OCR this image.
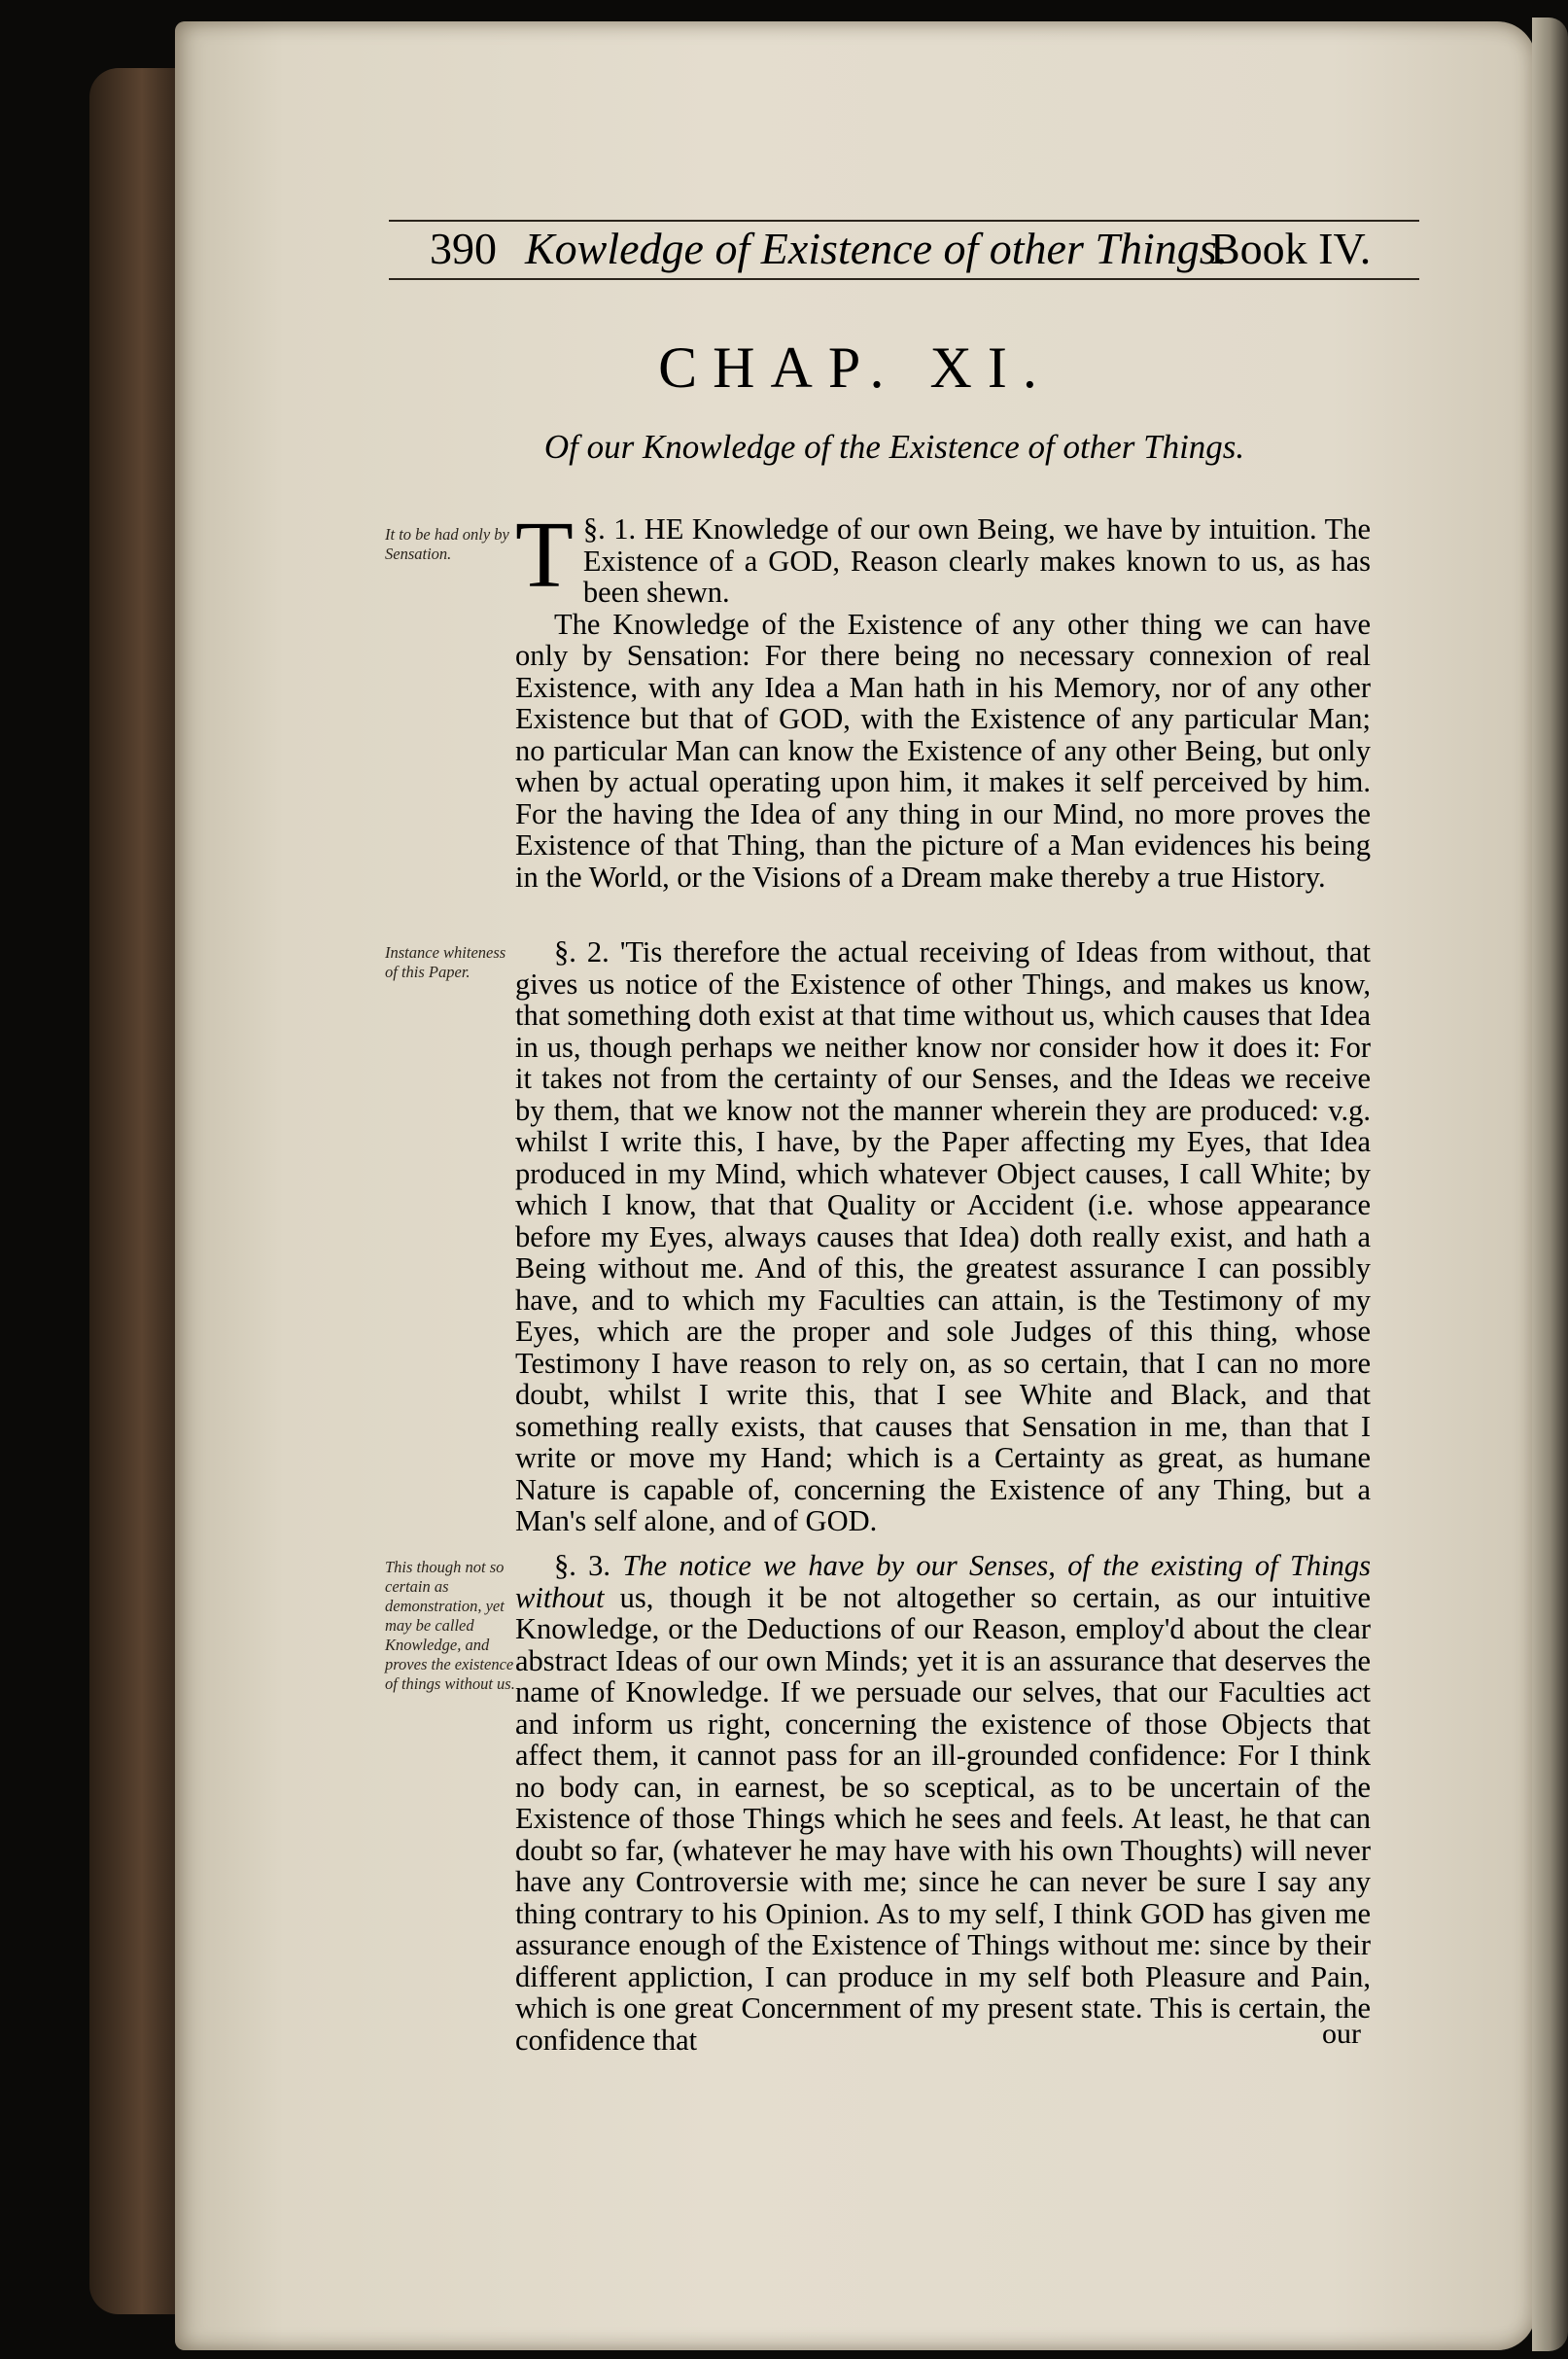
390 Kowledge of Existence of other Things.
Book IV.
CHAP. XI.
Of our Knowledge of the Existence of other Things.
It to be had only by Sensation.
Instance whiteness of this Paper.
This though not so certain as demonstration, yet may be called Knowledge, and proves the existence of things without us.

§. 1.
T HE Knowledge of our own Being, we have by intuition. The Existence of a GOD, Reason clearly makes known to us, as has been shewn.

The Knowledge of the Existence of any other thing we can have only by Sensation: For there being no necessary connexion of real Existence, with any Idea a Man hath in his Memory, nor of any other Existence but that of GOD, with the Existence of any particular Man; no particular Man can know the Existence of any other Being, but only when by actual operating upon him, it makes it self perceived by him. For the having the Idea of any thing in our Mind, no more proves the Existence of that Thing, than the picture of a Man evidences his being in the World, or the Visions of a Dream make thereby a true History.

§. 2. 'Tis therefore the actual receiving of Ideas from without, that gives us notice of the Existence of other Things, and makes us know, that something doth exist at that time without us, which causes that Idea in us, though perhaps we neither know nor consider how it does it: For it takes not from the certainty of our Senses, and the Ideas we receive by them, that we know not the manner wherein they are produced: v.g. whilst I write this, I have, by the Paper affecting my Eyes, that Idea produced in my Mind, which whatever Object causes, I call White; by which I know, that that Quality or Accident (i.e. whose appearance before my Eyes, always causes that Idea) doth really exist, and hath a Being without me. And of this, the greatest assurance I can possibly have, and to which my Faculties can attain, is the Testimony of my Eyes, which are the proper and sole Judges of this thing, whose Testimony I have reason to rely on, as so certain, that I can no more doubt, whilst I write this, that I see White and Black, and that something really exists, that causes that Sensation in me, than that I write or move my Hand; which is a Certainty as great, as humane Nature is capable of, concerning the Existence of any Thing, but a Man's self alone, and of GOD.

§. 3. The notice we have by our Senses, of the existing of Things without us, though it be not altogether so certain, as our intuitive Knowledge, or the Deductions of our Reason, employ'd about the clear abstract Ideas of our own Minds; yet it is an assurance that deserves the name of Knowledge. If we persuade our selves, that our Faculties act and inform us right, concerning the existence of those Objects that affect them, it cannot pass for an ill-grounded confidence: For I think no body can, in earnest, be so sceptical, as to be uncertain of the Existence of those Things which he sees and feels. At least, he that can doubt so far, (whatever he may have with his own Thoughts) will never have any Controversie with me; since he can never be sure I say any thing contrary to his Opinion. As to my self, I think GOD has given me assurance enough of the Existence of Things without me: since by their different appliction, I can produce in my self both Pleasure and Pain, which is one great Concernment of my present state. This is certain, the confidence that	our
